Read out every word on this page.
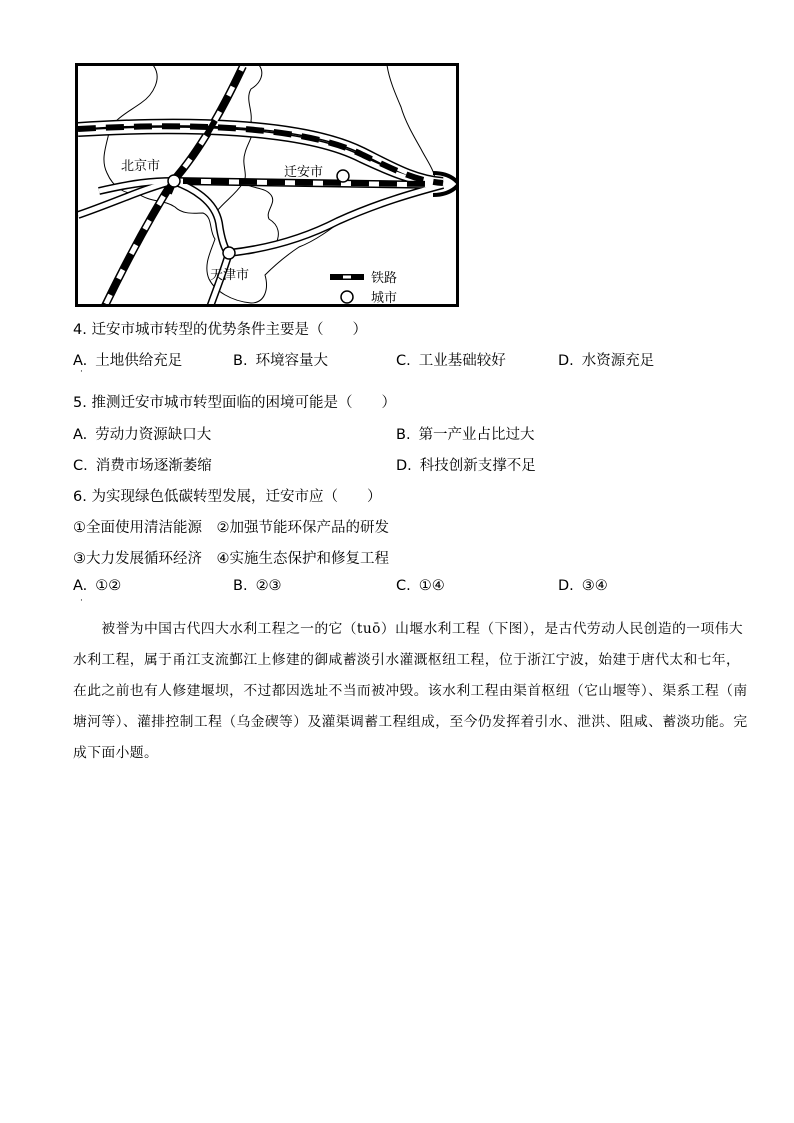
北京市	迁安市
天津市	铁路
城市
4. 迁安市城市转型的优势条件主要是（　　）
A. 土地供给充足	B. 环境容量大	C. 工业基础较好	D. 水资源充足
·
5. 推测迁安市城市转型面临的困境可能是（　　）
A. 劳动力资源缺口大	B. 第一产业占比过大
C. 消费市场逐渐萎缩	D. 科技创新支撑不足
6. 为实现绿色低碳转型发展，迁安市应（　　）
①全面使用清洁能源　②加强节能环保产品的研发
③大力发展循环经济　④实施生态保护和修复工程
A. ①②	B. ②③	C. ①④	D. ③④
·
　　被誉为中国古代四大水利工程之一的它（tuō）山堰水利工程（下图），是古代劳动人民创造的一项伟大
水利工程，属于甬江支流鄞江上修建的御咸蓄淡引水灌溉枢纽工程，位于浙江宁波，始建于唐代太和七年，
在此之前也有人修建堰坝，不过都因选址不当而被冲毁。该水利工程由渠首枢纽（它山堰等）、渠系工程（南
塘河等）、灌排控制工程（乌金碶等）及灌渠调蓄工程组成，至今仍发挥着引水、泄洪、阻咸、蓄淡功能。完
成下面小题。
